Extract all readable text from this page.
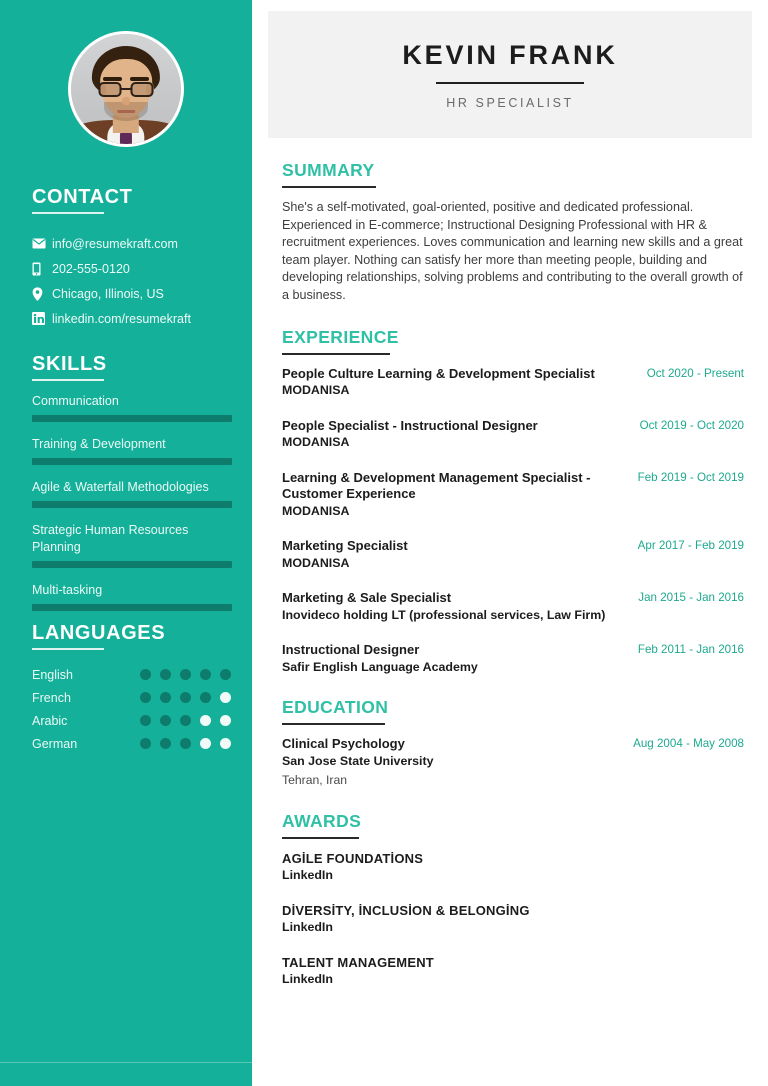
CONTACT
info@resumekraft.com
202-555-0120
Chicago, Illinois, US
linkedin.com/resumekraft
SKILLS
Communication
Training & Development
Agile & Waterfall Methodologies
Strategic Human Resources Planning
Multi-tasking
LANGUAGES
English
French
Arabic
German
KEVIN FRANK
HR SPECIALIST
SUMMARY

She's a self-motivated, goal-oriented, positive and dedicated professional. Experienced in E-commerce; Instructional Designing Professional with HR & recruitment experiences. Loves communication and learning new skills and a great team player. Nothing can satisfy her more than meeting people, building and developing relationships, solving problems and contributing to the overall growth of a business.

EXPERIENCE
People Culture Learning & Development Specialist
MODANISA
Oct 2020 - Present
People Specialist - Instructional Designer
MODANISA
Oct 2019 - Oct 2020
Learning & Development Management Specialist - Customer Experience
MODANISA
Feb 2019 - Oct 2019
Marketing Specialist
MODANISA
Apr 2017 - Feb 2019
Marketing & Sale Specialist
Inovideco holding LT (professional services, Law Firm)
Jan 2015 - Jan 2016
Instructional Designer
Safir English Language Academy
Feb 2011 - Jan 2016
EDUCATION
Clinical Psychology
San Jose State University
Tehran, Iran
Aug 2004 - May 2008
AWARDS
AGİLE FOUNDATİONS
LinkedIn
DİVERSİTY, İNCLUSİON & BELONGİNG
LinkedIn
TALENT MANAGEMENT
LinkedIn
